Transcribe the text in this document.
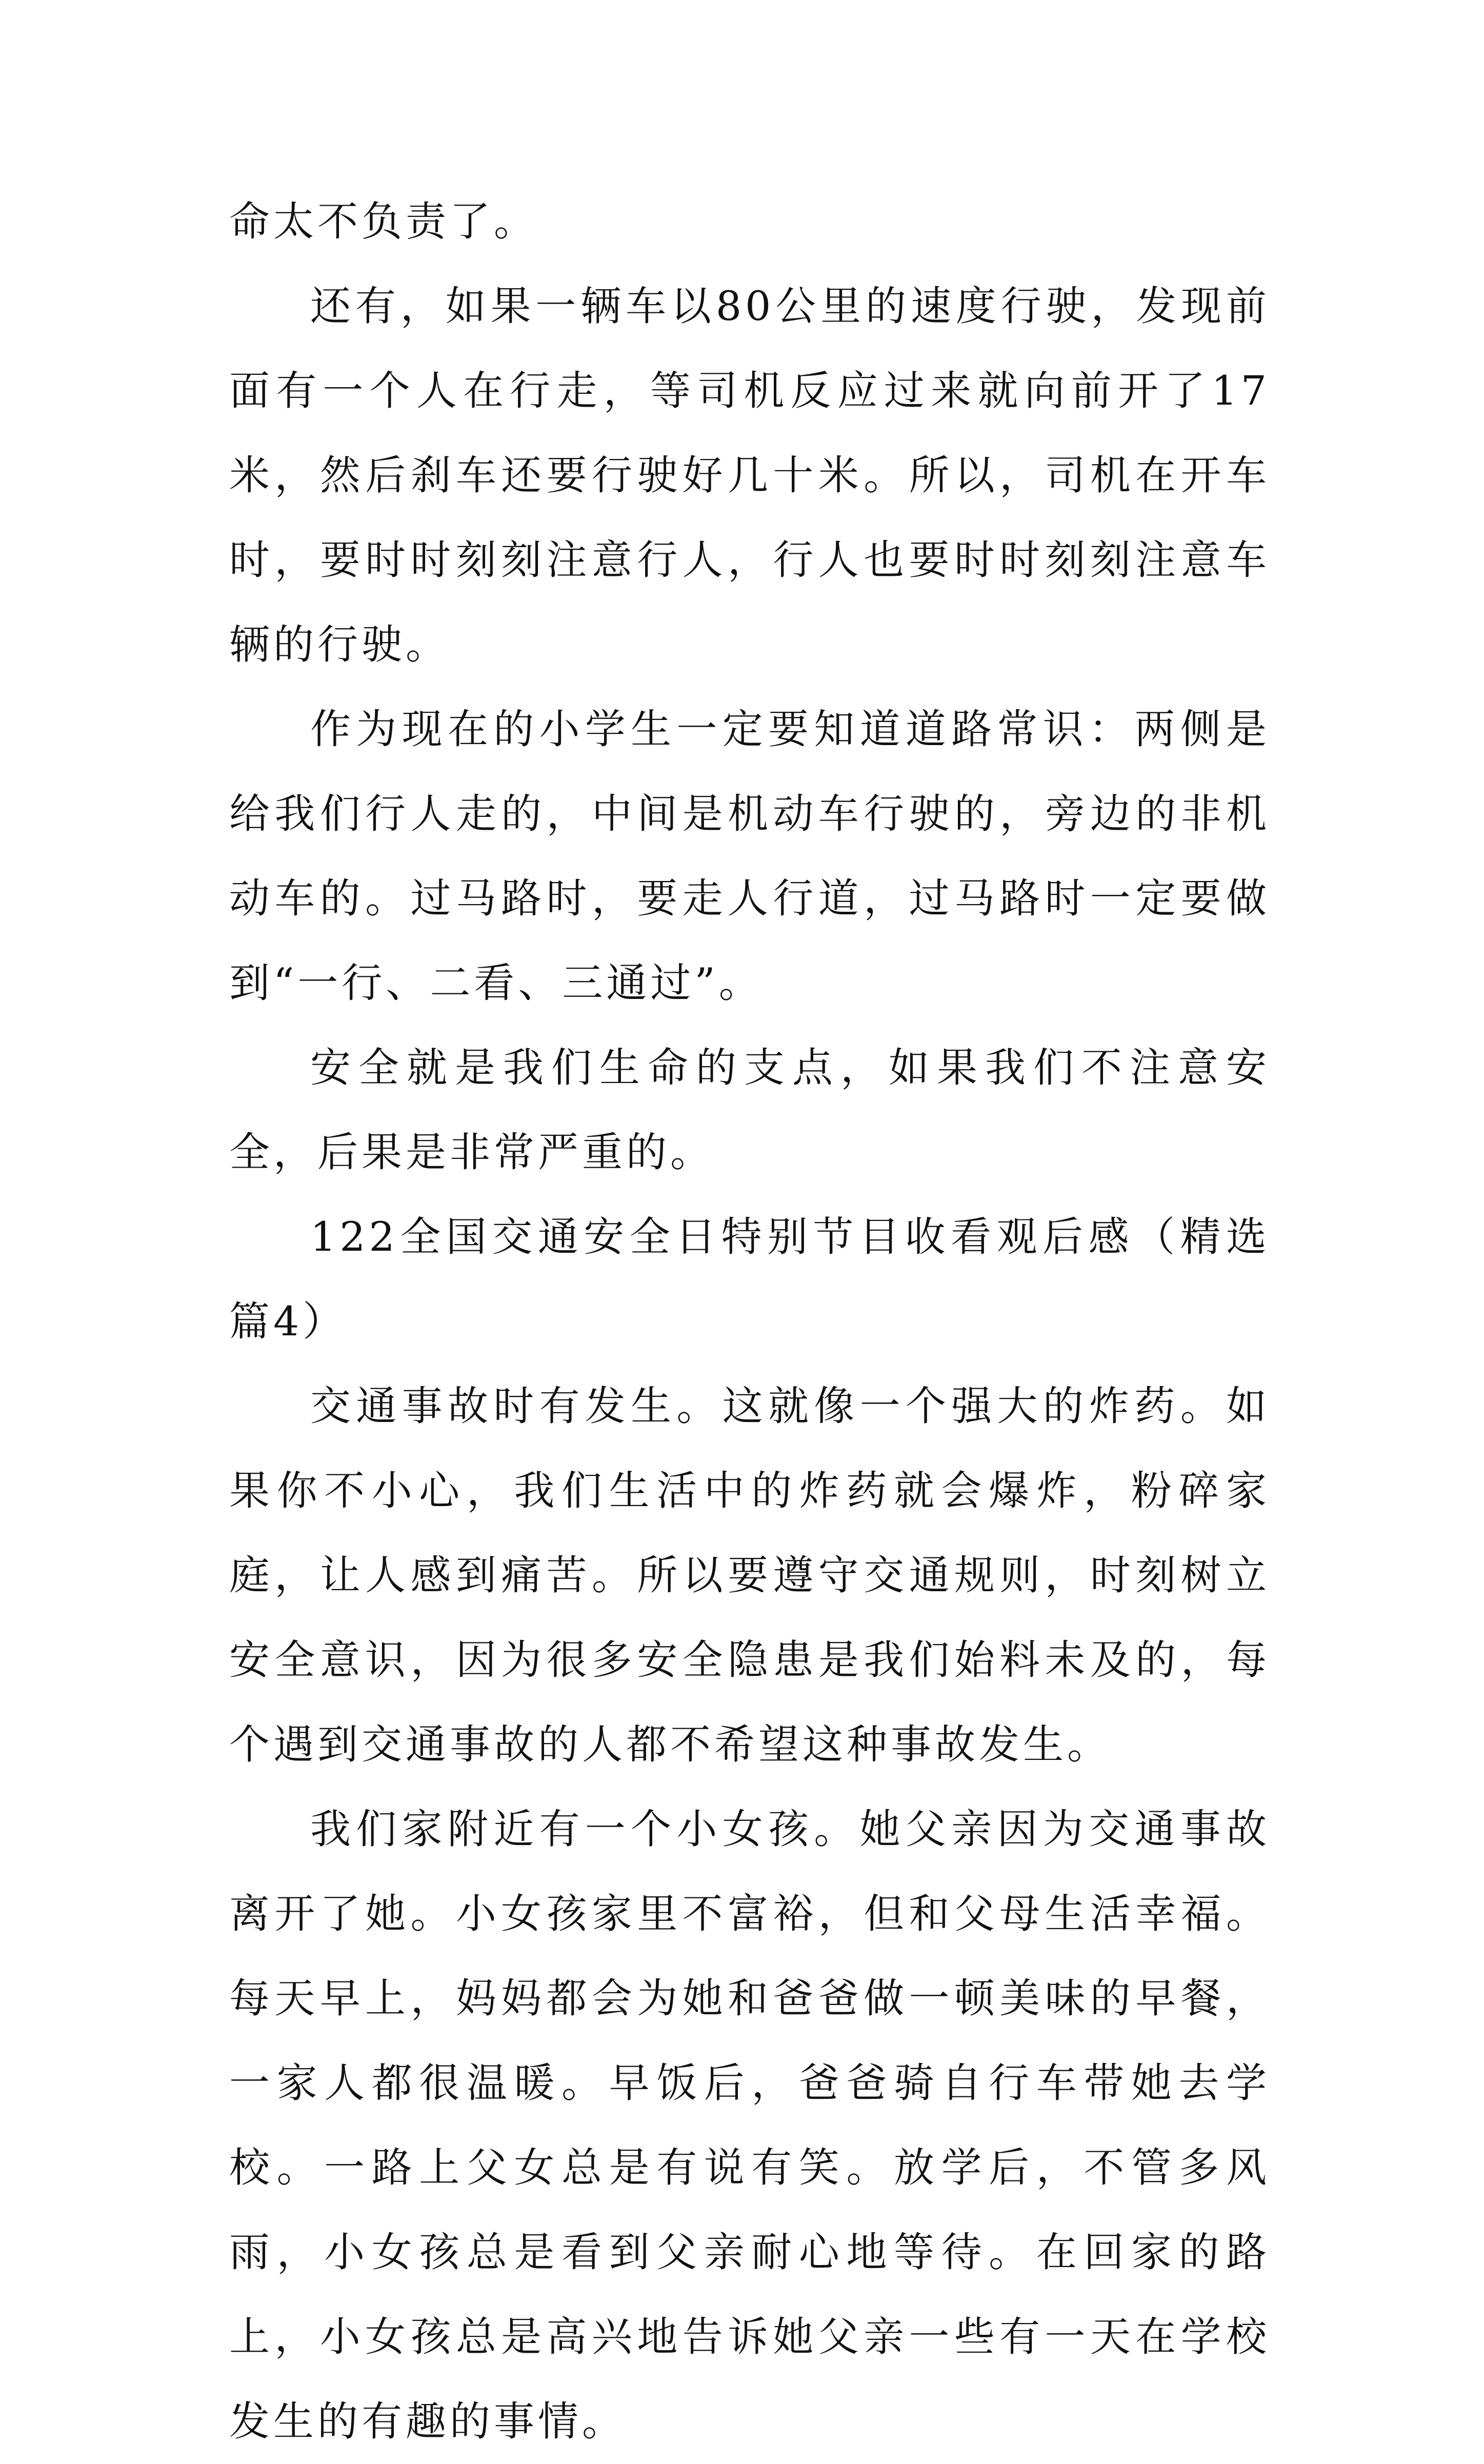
命太不负责了。

还有，如果一辆车以80公里的速度行驶，发现前面有一个人在行走，等司机反应过来就向前开了17米，然后刹车还要行驶好几十米。所以，司机在开车时，要时时刻刻注意行人，行人也要时时刻刻注意车辆的行驶。

作为现在的小学生一定要知道道路常识：两侧是给我们行人走的，中间是机动车行驶的，旁边的非机动车的。过马路时，要走人行道，过马路时一定要做到“一行、二看、三通过”。

安全就是我们生命的支点，如果我们不注意安全，后果是非常严重的。

122全国交通安全日特别节目收看观后感（精选篇4）

交通事故时有发生。这就像一个强大的炸药。如果你不小心，我们生活中的炸药就会爆炸，粉碎家庭，让人感到痛苦。所以要遵守交通规则，时刻树立安全意识，因为很多安全隐患是我们始料未及的，每个遇到交通事故的人都不希望这种事故发生。

我们家附近有一个小女孩。她父亲因为交通事故离开了她。小女孩家里不富裕，但和父母生活幸福。每天早上，妈妈都会为她和爸爸做一顿美味的早餐，一家人都很温暖。早饭后，爸爸骑自行车带她去学校。一路上父女总是有说有笑。放学后，不管多风雨，小女孩总是看到父亲耐心地等待。在回家的路上，小女孩总是高兴地告诉她父亲一些有一天在学校发生的有趣的事情。
